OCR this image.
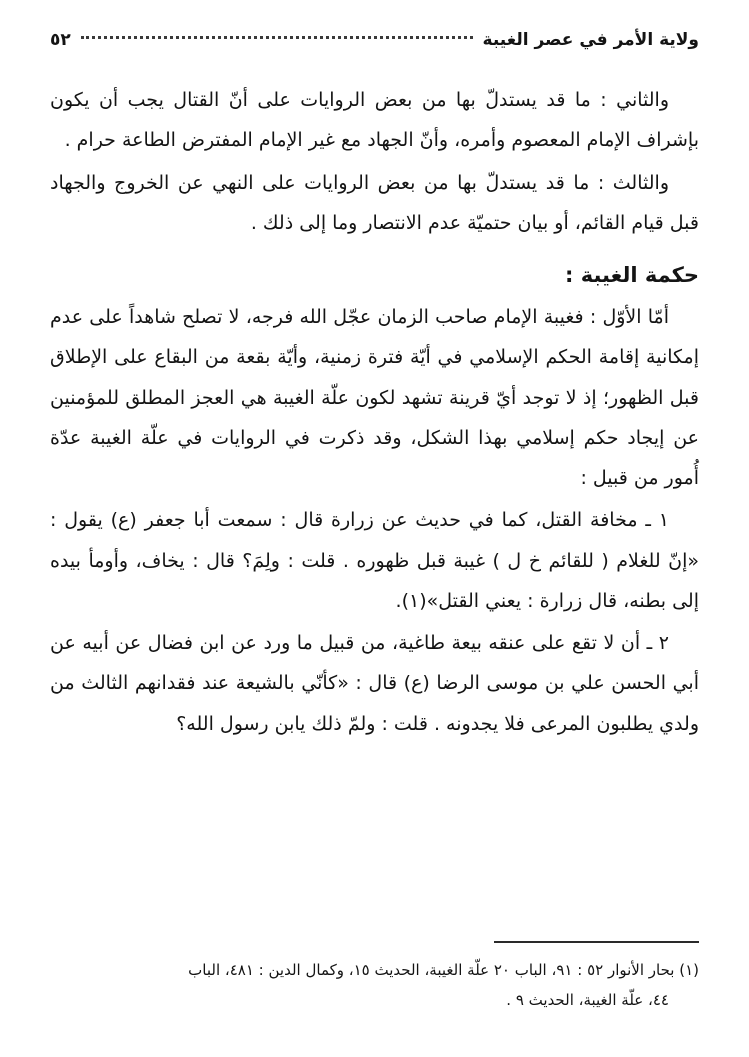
ولاية الأمر في عصر الغيبة
٥٢

والثاني : ما قد يستدلّ بها من بعض الروايات على أنّ القتال يجب أن يكون بإشراف الإمام المعصوم وأمره، وأنّ الجهاد مع غير الإمام المفترض الطاعة حرام .

والثالث : ما قد يستدلّ بها من بعض الروايات على النهي عن الخروج والجهاد قبل قيام القائم، أو بيان حتميّة عدم الانتصار وما إلى ذلك .

حكمة الغيبة :

أمّا الأوّل : فغيبة الإمام صاحب الزمان عجّل الله فرجه، لا تصلح شاهداً على عدم إمكانية إقامة الحكم الإسلامي في أيّة فترة زمنية، وأيّة بقعة من البقاع على الإطلاق قبل الظهور؛ إذ لا توجد أيّ قرينة تشهد لكون علّة الغيبة هي العجز المطلق للمؤمنين عن إيجاد حكم إسلامي بهذا الشكل، وقد ذكرت في الروايات في علّة الغيبة عدّة أُمور من قبيل :

١ ـ مخافة القتل، كما في حديث عن زرارة قال : سمعت أبا جعفر (ع) يقول : «إنّ للغلام ( للقائم خ ل ) غيبة قبل ظهوره . قلت : ولِمَ؟ قال : يخاف، وأومأ بيده إلى بطنه، قال زرارة : يعني القتل»(١).

٢ ـ أن لا تقع على عنقه بيعة طاغية، من قبيل ما ورد عن ابن فضال عن أبيه عن أبي الحسن علي بن موسى الرضا (ع) قال : «كأنّي بالشيعة عند فقدانهم الثالث من ولدي يطلبون المرعى فلا يجدونه . قلت : ولمّ ذلك يابن رسول الله؟

(١) بحار الأنوار ٥٢ : ٩١، الباب ٢٠ علّة الغيبة، الحديث ١٥، وكمال الدين : ٤٨١، الباب

٤٤، علّة الغيبة، الحديث ٩ .
